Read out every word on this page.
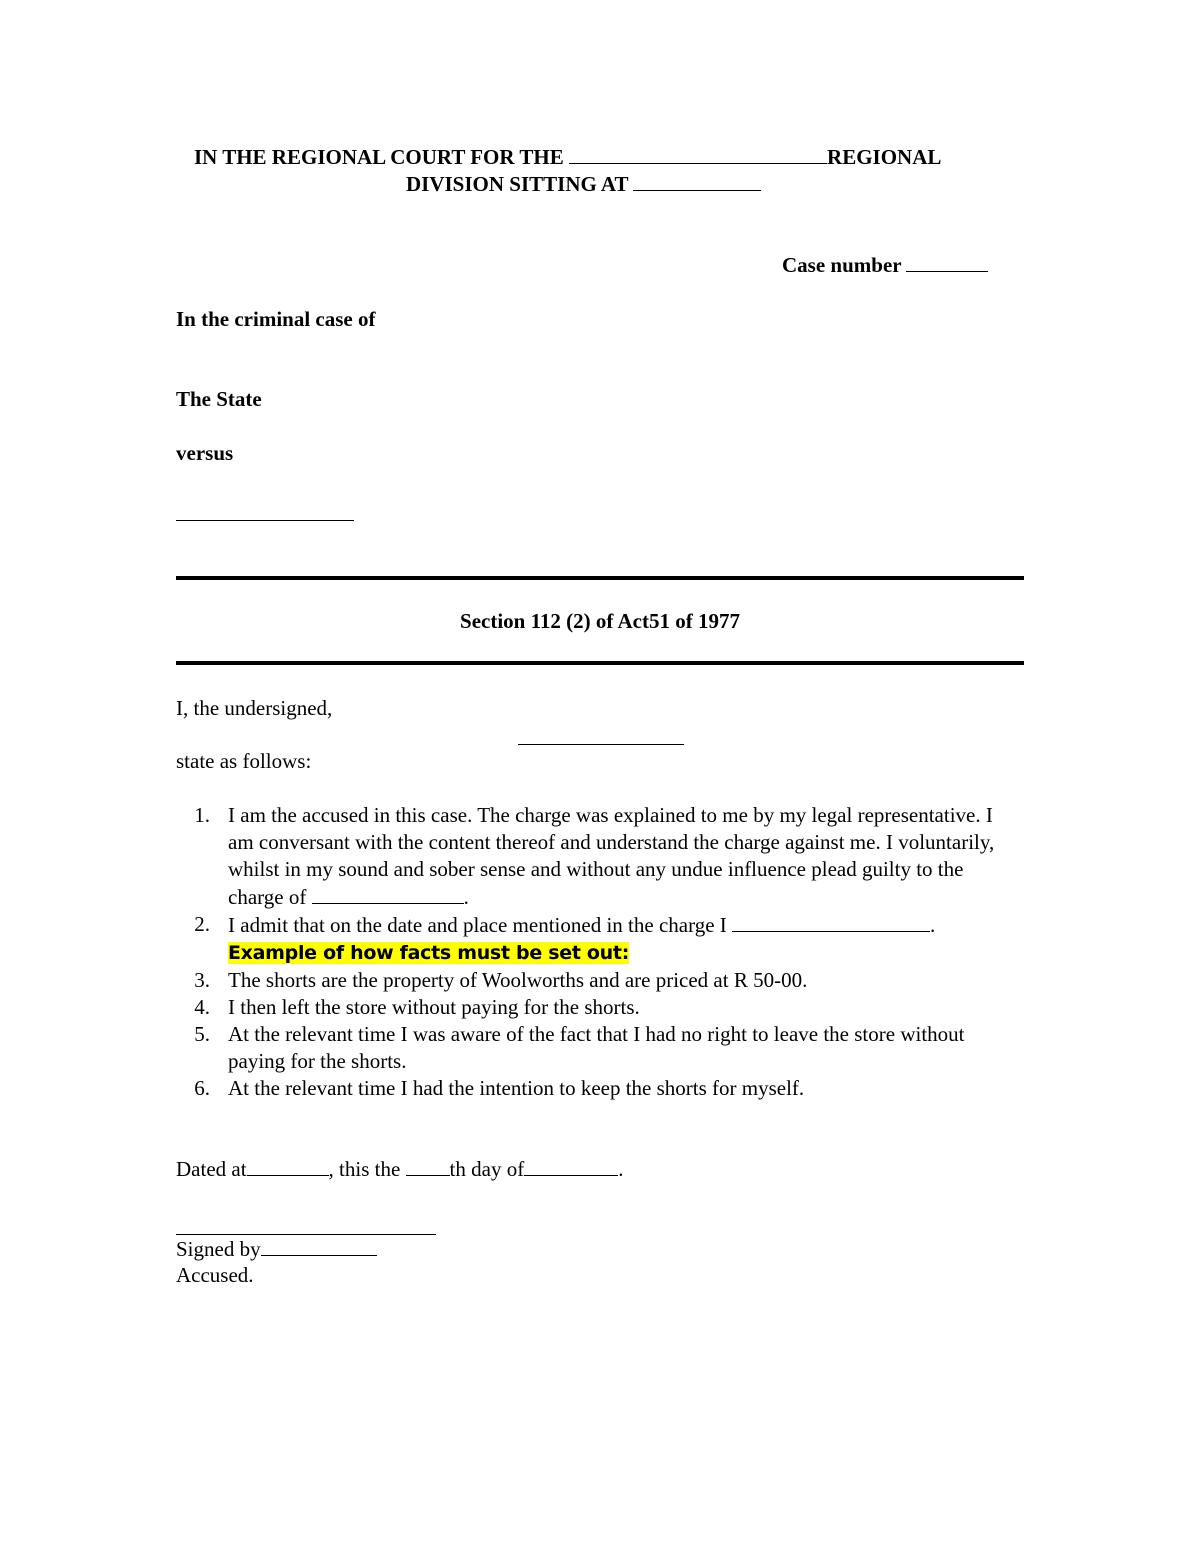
IN THE REGIONAL COURT FOR THE	REGIONAL
DIVISION SITTING AT
Case number
In the criminal case of
The State
versus
Section 112 (2) of Act51 of 1977
I, the undersigned,
state as follows:
1. I am the accused in this case. The charge was explained to me by my legal representative. I am conversant with the content thereof and understand the charge against me. I voluntarily, whilst in my sound and sober sense and without any undue influence plead guilty to the charge of	.
2. I admit that on the date and place mentioned in the charge I	.
Example of how facts must be set out:
3. The shorts are the property of Woolworths and are priced at R 50-00.
4. I then left the store without paying for the shorts.
5. At the relevant time I was aware of the fact that I had no right to leave the store without paying for the shorts.
6. At the relevant time I had the intention to keep the shorts for myself.
Dated at	, this the th day of	.
Signed by
Accused.
